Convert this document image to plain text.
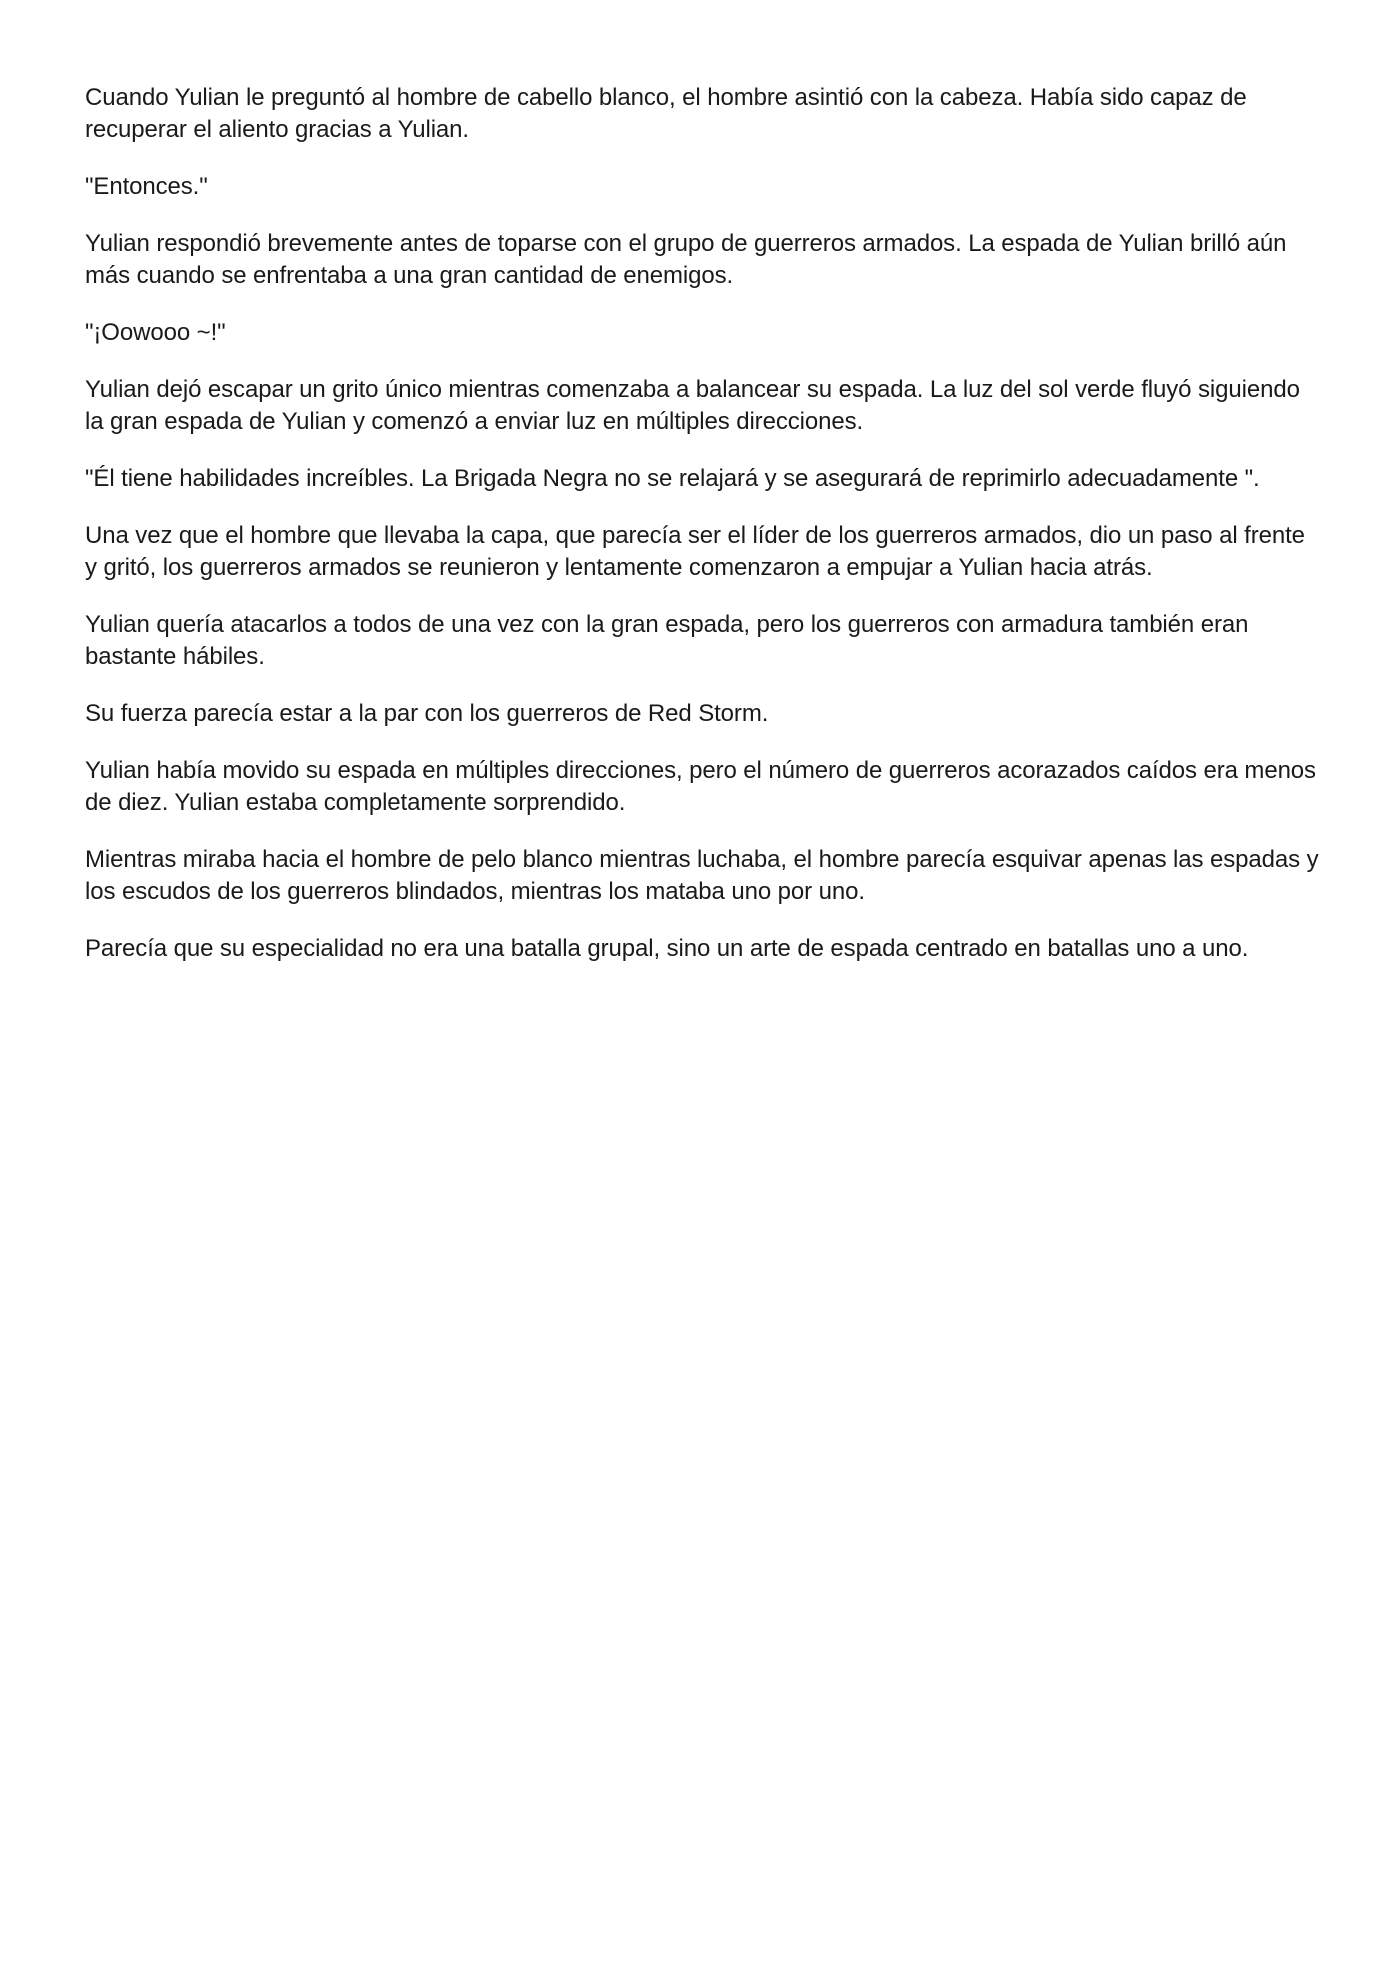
Cuando Yulian le preguntó al hombre de cabello blanco, el hombre asintió con la cabeza. Había sido capaz de recuperar el aliento gracias a Yulian.

"Entonces."

Yulian respondió brevemente antes de toparse con el grupo de guerreros armados. La espada de Yulian brilló aún más cuando se enfrentaba a una gran cantidad de enemigos.

"¡Oowooo ~!"

Yulian dejó escapar un grito único mientras comenzaba a balancear su espada. La luz del sol verde fluyó siguiendo la gran espada de Yulian y comenzó a enviar luz en múltiples direcciones.

"Él tiene habilidades increíbles. La Brigada Negra no se relajará y se asegurará de reprimirlo adecuadamente ".

Una vez que el hombre que llevaba la capa, que parecía ser el líder de los guerreros armados, dio un paso al frente y gritó, los guerreros armados se reunieron y lentamente comenzaron a empujar a Yulian hacia atrás.

Yulian quería atacarlos a todos de una vez con la gran espada, pero los guerreros con armadura también eran bastante hábiles.

Su fuerza parecía estar a la par con los guerreros de Red Storm.

Yulian había movido su espada en múltiples direcciones, pero el número de guerreros acorazados caídos era menos de diez. Yulian estaba completamente sorprendido.

Mientras miraba hacia el hombre de pelo blanco mientras luchaba, el hombre parecía esquivar apenas las espadas y los escudos de los guerreros blindados, mientras los mataba uno por uno.

Parecía que su especialidad no era una batalla grupal, sino un arte de espada centrado en batallas uno a uno.
